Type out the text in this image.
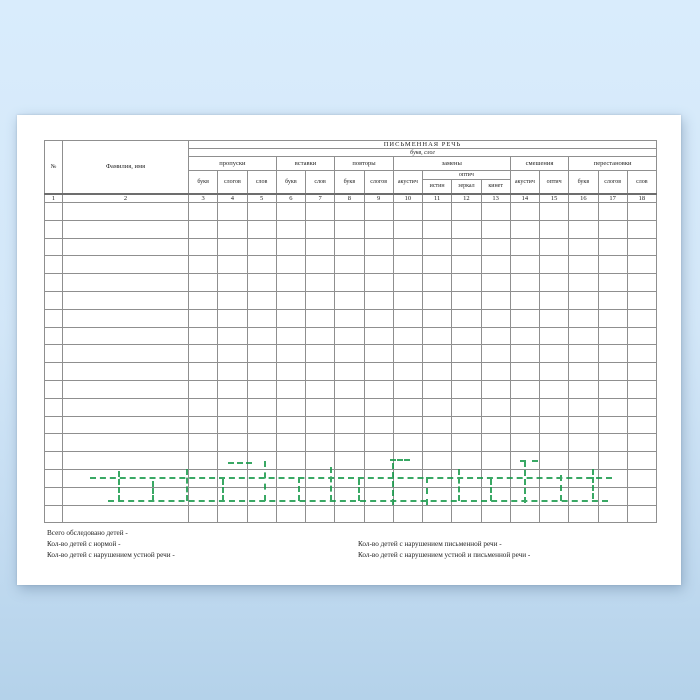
№	Фамилия, имя	ПИСЬМЕННАЯ РЕЧЬ															
		букв, слог															
		пропуски			вставки		повторы		замены				смешения		перестановки		
		букв	слогов	слов	букв	слов	букв	слогов	акустич	оптич			акустич	оптич	букв	слогов	слов
										истин	зеркал	кинет					
1	2	3	4	5	6	7	8	9	10	11	12	13	14	15	16	17	18

Всего обследовано детей -
Кол-во детей с нормой -
Кол-во детей с нарушением устной речи -
Кол-во детей с нарушением письменной речи -
Кол-во детей с нарушением устной и письменной речи -
